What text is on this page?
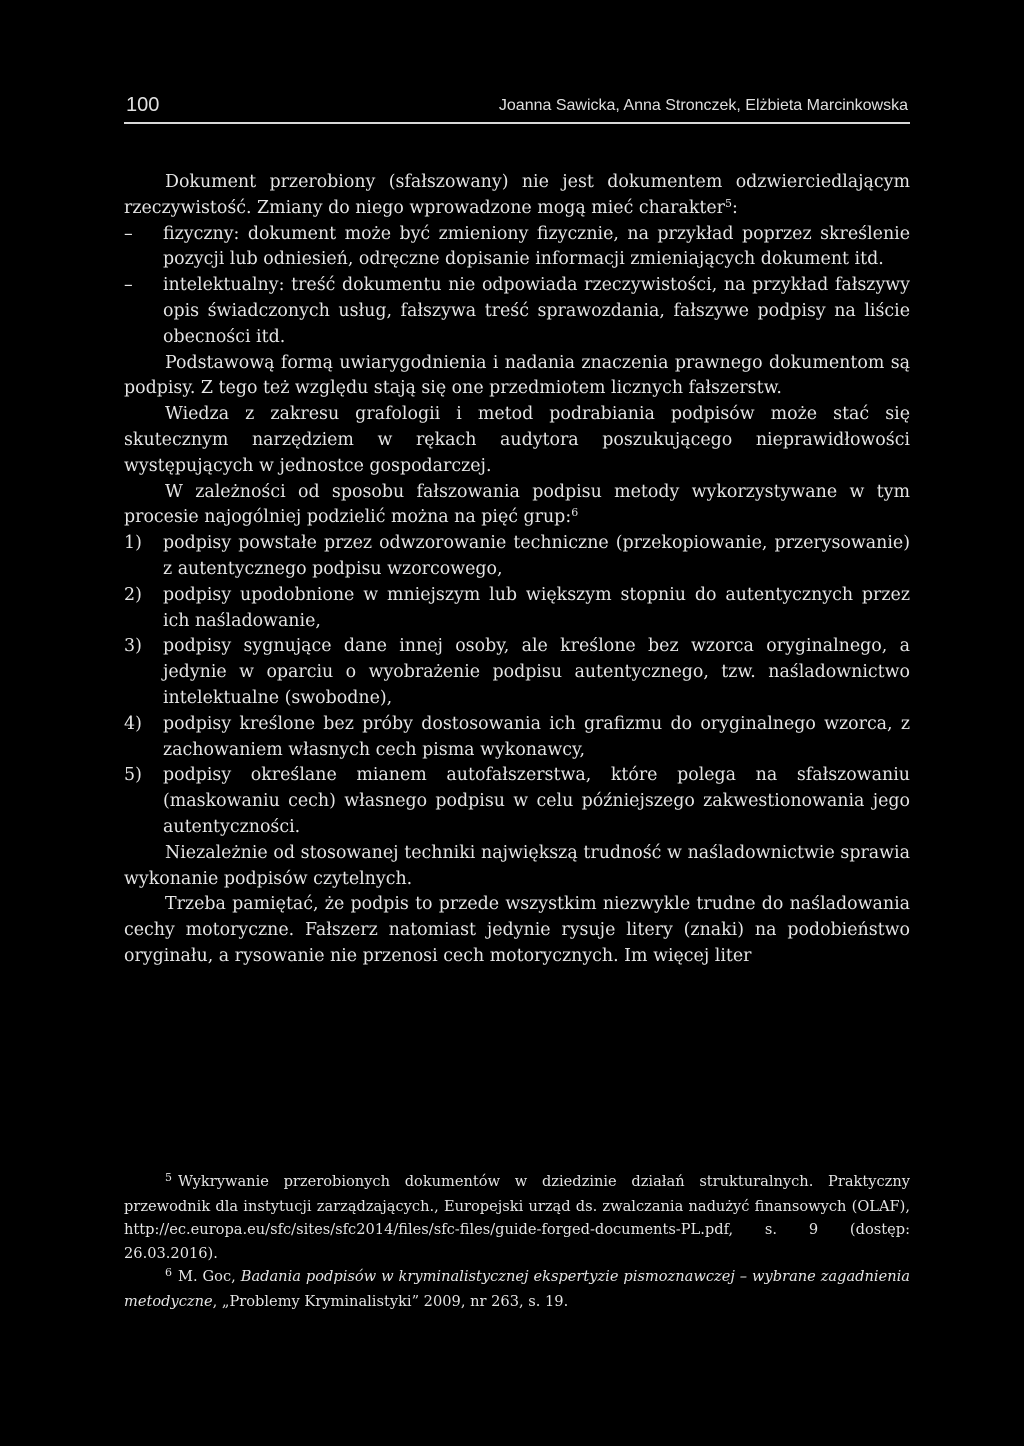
100	Joanna Sawicka, Anna Stronczek, Elżbieta Marcinkowska

Dokument przerobiony (sfałszowany) nie jest dokumentem odzwierciedlającym rzeczywistość. Zmiany do niego wprowadzone mogą mieć charakter$^5$:

– fizyczny: dokument może być zmieniony fizycznie, na przykład poprzez skreślenie pozycji lub odniesień, odręczne dopisanie informacji zmieniających dokument itd.
– intelektualny: treść dokumentu nie odpowiada rzeczywistości, na przykład fałszywy opis świadczonych usług, fałszywa treść sprawozdania, fałszywe podpisy na liście obecności itd.

Podstawową formą uwiarygodnienia i nadania znaczenia prawnego dokumentom są podpisy. Z tego też względu stają się one przedmiotem licznych fałszerstw.

Wiedza z zakresu grafologii i metod podrabiania podpisów może stać się skutecznym narzędziem w rękach audytora poszukującego nieprawidłowości występujących w jednostce gospodarczej.

W zależności od sposobu fałszowania podpisu metody wykorzystywane w tym procesie najogólniej podzielić można na pięć grup:$^6$

1) podpisy powstałe przez odwzorowanie techniczne (przekopiowanie, przerysowanie) z autentycznego podpisu wzorcowego,
2) podpisy upodobnione w mniejszym lub większym stopniu do autentycznych przez ich naśladowanie,
3) podpisy sygnujące dane innej osoby, ale kreślone bez wzorca oryginalnego, a jedynie w oparciu o wyobrażenie podpisu autentycznego, tzw. naśladownictwo intelektualne (swobodne),
4) podpisy kreślone bez próby dostosowania ich grafizmu do oryginalnego wzorca, z zachowaniem własnych cech pisma wykonawcy,
5) podpisy określane mianem autofałszerstwa, które polega na sfałszowaniu (maskowaniu cech) własnego podpisu w celu późniejszego zakwestionowania jego autentyczności.

Niezależnie od stosowanej techniki największą trudność w naśladownictwie sprawia wykonanie podpisów czytelnych.

Trzeba pamiętać, że podpis to przede wszystkim niezwykle trudne do naśladowania cechy motoryczne. Fałszerz natomiast jedynie rysuje litery (znaki) na podobieństwo oryginału, a rysowanie nie przenosi cech motorycznych. Im więcej liter

$^5$ Wykrywanie przerobionych dokumentów w dziedzinie działań strukturalnych. Praktyczny przewodnik dla instytucji zarządzających., Europejski urząd ds. zwalczania nadużyć finansowych (OLAF), http://ec.europa.eu/sfc/sites/sfc2014/files/sfc-files/guide-forged-documents-PL.pdf, s. 9 (dostęp: 26.03.2016).

$^6$ M. Goc, Badania podpisów w kryminalistycznej ekspertyzie pismoznawczej – wybrane zagadnienia metodyczne, „Problemy Kryminalistyki” 2009, nr 263, s. 19.
